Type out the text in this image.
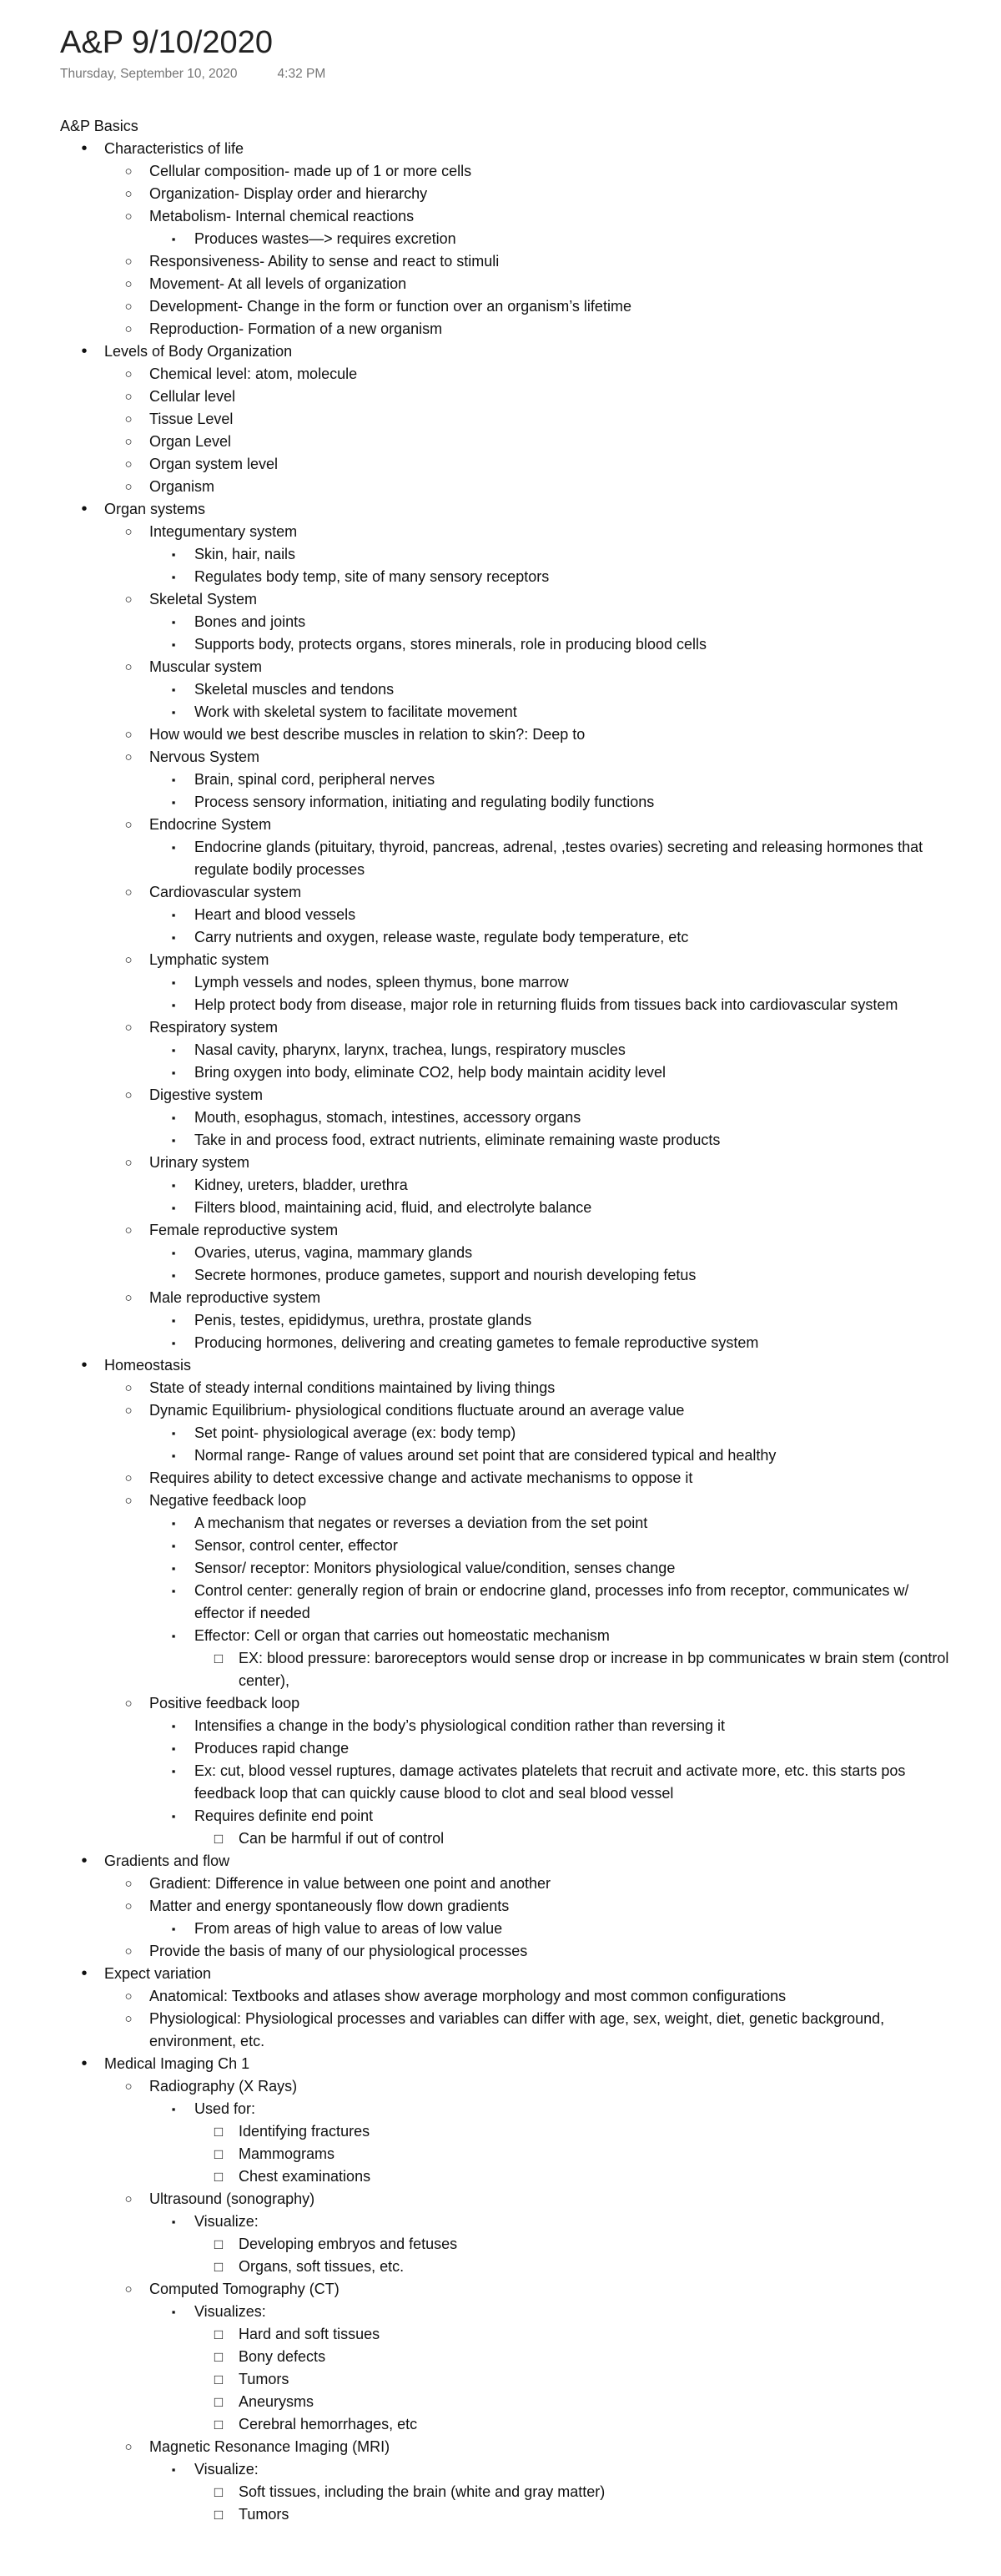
A&P 9/10/2020
Thursday, September 10, 2020	4:32 PM
A&P Basics
•	Characteristics of life
○	Cellular composition- made up of 1 or more cells
○	Organization- Display order and hierarchy
○	Metabolism- Internal chemical reactions
▪	Produces wastes—> requires excretion
○	Responsiveness- Ability to sense and react to stimuli
○	Movement- At all levels of organization
○	Development- Change in the form or function over an organism’s lifetime
○	Reproduction- Formation of a new organism
•	Levels of Body Organization
○	Chemical level: atom, molecule
○	Cellular level
○	Tissue Level
○	Organ Level
○	Organ system level
○	Organism
•	Organ systems
○	Integumentary system
▪	Skin, hair, nails
▪	Regulates body temp, site of many sensory receptors
○	Skeletal System
▪	Bones and joints
▪	Supports body, protects organs, stores minerals, role in producing blood cells
○	Muscular system
▪	Skeletal muscles and tendons
▪	Work with skeletal system to facilitate movement
○	How would we best describe muscles in relation to skin?: Deep to
○	Nervous System
▪	Brain, spinal cord, peripheral nerves
▪	Process sensory information, initiating and regulating bodily functions
○	Endocrine System
▪	Endocrine glands (pituitary, thyroid, pancreas, adrenal, ,testes ovaries) secreting and releasing hormones that regulate bodily processes
○	Cardiovascular system
▪	Heart and blood vessels
▪	Carry nutrients and oxygen, release waste, regulate body temperature, etc
○	Lymphatic system
▪	Lymph vessels and nodes, spleen thymus, bone marrow
▪	Help protect body from disease, major role in returning fluids from tissues back into cardiovascular system
○	Respiratory system
▪	Nasal cavity, pharynx, larynx, trachea, lungs, respiratory muscles
▪	Bring oxygen into body, eliminate CO2, help body maintain acidity level
○	Digestive system
▪	Mouth, esophagus, stomach, intestines, accessory organs
▪	Take in and process food, extract nutrients, eliminate remaining waste products
○	Urinary system
▪	Kidney, ureters, bladder, urethra
▪	Filters blood, maintaining acid, fluid, and electrolyte balance
○	Female reproductive system
▪	Ovaries, uterus, vagina, mammary glands
▪	Secrete hormones, produce gametes, support and nourish developing fetus
○	Male reproductive system
▪	Penis, testes, epididymus, urethra, prostate glands
▪	Producing hormones, delivering and creating gametes to female reproductive system
•	Homeostasis
○	State of steady internal conditions maintained by living things
○	Dynamic Equilibrium- physiological conditions fluctuate around an average value
▪	Set point- physiological average (ex: body temp)
▪	Normal range- Range of values around set point that are considered typical and healthy
○	Requires ability to detect excessive change and activate mechanisms to oppose it
○	Negative feedback loop
▪	A mechanism that negates or reverses a deviation from the set point
▪	Sensor, control center, effector
▪	Sensor/ receptor: Monitors physiological value/condition, senses change
▪	Control center: generally region of brain or endocrine gland, processes info from receptor, communicates w/ effector if needed
▪	Effector: Cell or organ that carries out homeostatic mechanism
□ EX: blood pressure: baroreceptors would sense drop or increase in bp communicates w brain stem (control center),
○	Positive feedback loop
▪	Intensifies a change in the body’s physiological condition rather than reversing it
▪	Produces rapid change
▪	Ex: cut, blood vessel ruptures, damage activates platelets that recruit and activate more, etc. this starts pos feedback loop that can quickly cause blood to clot and seal blood vessel
▪	Requires definite end point
□ Can be harmful if out of control
•	Gradients and flow
○	Gradient: Difference in value between one point and another
○	Matter and energy spontaneously flow down gradients
▪	From areas of high value to areas of low value
○	Provide the basis of many of our physiological processes
•	Expect variation
○	Anatomical: Textbooks and atlases show average morphology and most common configurations
○	Physiological: Physiological processes and variables can differ with age, sex, weight, diet, genetic background, environment, etc.
•	Medical Imaging Ch 1
○	Radiography (X Rays)
▪	Used for:
□ Identifying fractures
□ Mammograms
□ Chest examinations
○	Ultrasound (sonography)
▪	Visualize:
□ Developing embryos and fetuses
□ Organs, soft tissues, etc.
○	Computed Tomography (CT)
▪	Visualizes:
□ Hard and soft tissues
□ Bony defects
□ Tumors
□ Aneurysms
□ Cerebral hemorrhages, etc
○	Magnetic Resonance Imaging (MRI)
▪	Visualize:
□ Soft tissues, including the brain (white and gray matter)
□ Tumors
